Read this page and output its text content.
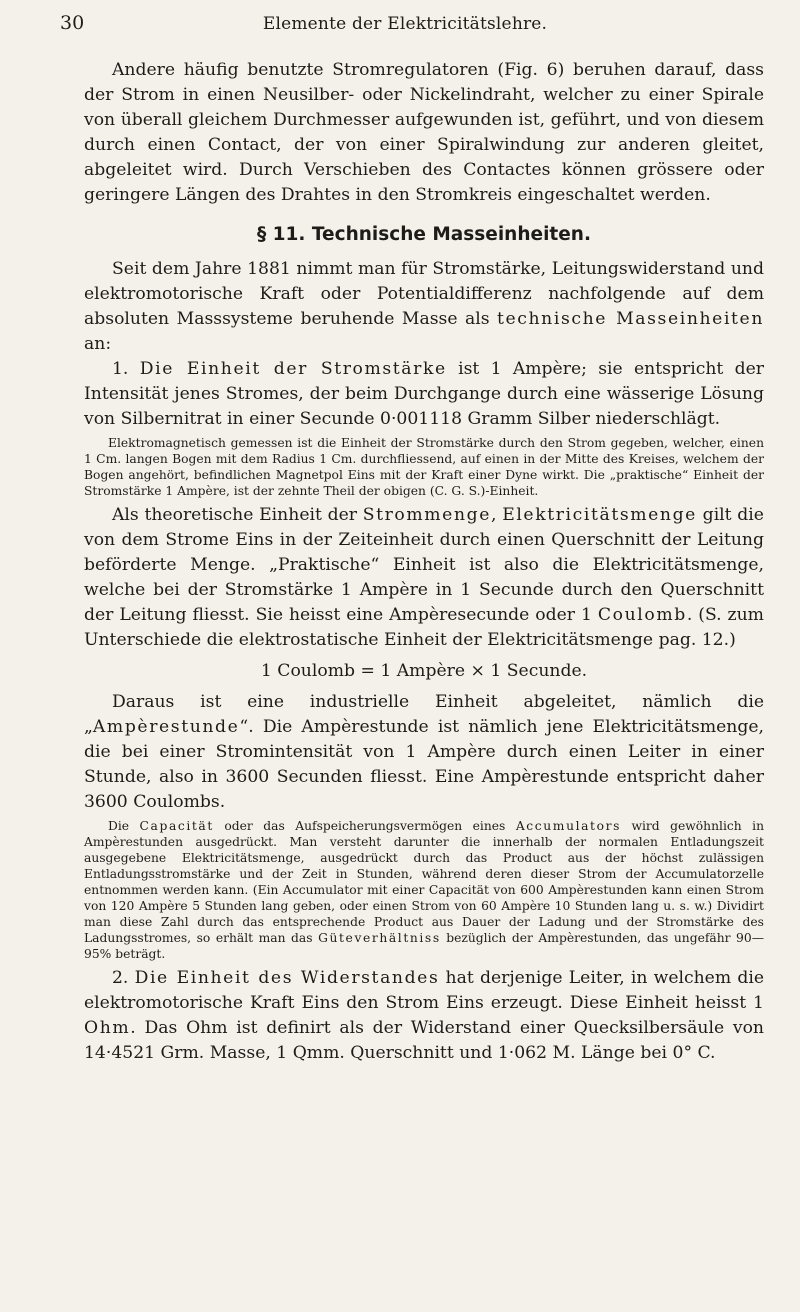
30	Elemente der Elektricitätslehre.

Andere häufig benutzte Stromregulatoren (Fig. 6) beruhen darauf, dass der Strom in einen Neusilber- oder Nickelindraht, welcher zu einer Spirale von überall gleichem Durchmesser aufgewunden ist, geführt, und von diesem durch einen Contact, der von einer Spiralwindung zur anderen gleitet, abgeleitet wird. Durch Verschieben des Contactes können grössere oder geringere Längen des Drahtes in den Stromkreis eingeschaltet werden.

§ 11. Technische Masseinheiten.

Seit dem Jahre 1881 nimmt man für Stromstärke, Leitungswiderstand und elektromotorische Kraft oder Potentialdifferenz nachfolgende auf dem absoluten Masssysteme beruhende Masse als technische Masseinheiten an:

1. Die Einheit der Stromstärke ist 1 Ampère; sie entspricht der Intensität jenes Stromes, der beim Durchgange durch eine wässerige Lösung von Silbernitrat in einer Secunde 0·001118 Gramm Silber niederschlägt.

Elektromagnetisch gemessen ist die Einheit der Stromstärke durch den Strom gegeben, welcher, einen 1 Cm. langen Bogen mit dem Radius 1 Cm. durchfliessend, auf einen in der Mitte des Kreises, welchem der Bogen angehört, befindlichen Magnetpol Eins mit der Kraft einer Dyne wirkt. Die „praktische“ Einheit der Stromstärke 1 Ampère, ist der zehnte Theil der obigen (C. G. S.)-Einheit.

Als theoretische Einheit der Strommenge, Elektricitätsmenge gilt die von dem Strome Eins in der Zeiteinheit durch einen Querschnitt der Leitung beförderte Menge. „Praktische“ Einheit ist also die Elektricitätsmenge, welche bei der Stromstärke 1 Ampère in 1 Secunde durch den Querschnitt der Leitung fliesst. Sie heisst eine Ampèresecunde oder 1 Coulomb. (S. zum Unterschiede die elektrostatische Einheit der Elektricitätsmenge pag. 12.)

1 Coulomb = 1 Ampère × 1 Secunde.

Daraus ist eine industrielle Einheit abgeleitet, nämlich die „Ampèrestunde“. Die Ampèrestunde ist nämlich jene Elektricitätsmenge, die bei einer Stromintensität von 1 Ampère durch einen Leiter in einer Stunde, also in 3600 Secunden fliesst. Eine Ampèrestunde entspricht daher 3600 Coulombs.

Die Capacität oder das Aufspeicherungsvermögen eines Accumulators wird gewöhnlich in Ampèrestunden ausgedrückt. Man versteht darunter die innerhalb der normalen Entladungszeit ausgegebene Elektricitätsmenge, ausgedrückt durch das Product aus der höchst zulässigen Entladungsstromstärke und der Zeit in Stunden, während deren dieser Strom der Accumulatorzelle entnommen werden kann. (Ein Accumulator mit einer Capacität von 600 Ampèrestunden kann einen Strom von 120 Ampère 5 Stunden lang geben, oder einen Strom von 60 Ampère 10 Stunden lang u. s. w.) Dividirt man diese Zahl durch das entsprechende Product aus Dauer der Ladung und der Stromstärke des Ladungsstromes, so erhält man das Güteverhältniss bezüglich der Ampèrestunden, das ungefähr 90—95% beträgt.

2. Die Einheit des Widerstandes hat derjenige Leiter, in welchem die elektromotorische Kraft Eins den Strom Eins erzeugt. Diese Einheit heisst 1 Ohm. Das Ohm ist definirt als der Widerstand einer Quecksilbersäule von 14·4521 Grm. Masse, 1 Qmm. Querschnitt und 1·062 M. Länge bei 0° C.
